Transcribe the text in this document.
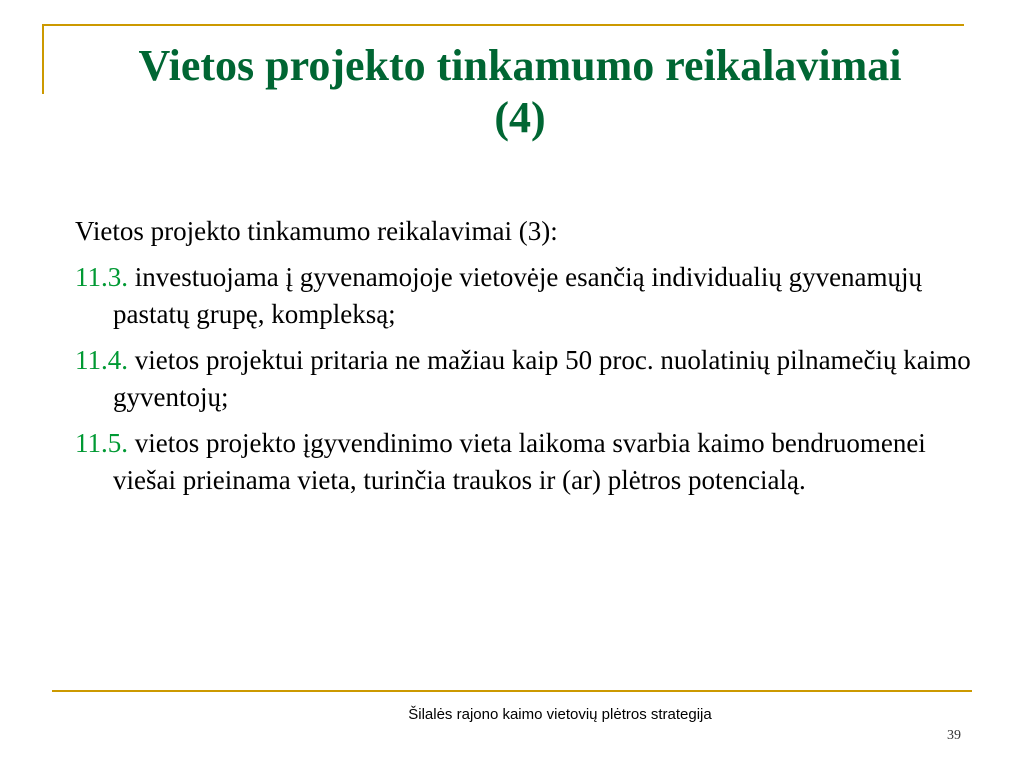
Vietos projekto tinkamumo reikalavimai
(4)

Vietos projekto tinkamumo reikalavimai (3):

11.3. investuojama į gyvenamojoje vietovėje esančią individualių gyvenamųjų pastatų grupę, kompleksą;

11.4. vietos projektui pritaria ne mažiau kaip 50 proc. nuolatinių pilnamečių kaimo gyventojų;

11.5. vietos projekto įgyvendinimo vieta laikoma svarbia kaimo bendruomenei viešai prieinama vieta, turinčia traukos ir (ar) plėtros potencialą.

Šilalės rajono kaimo vietovių plėtros strategija
39
